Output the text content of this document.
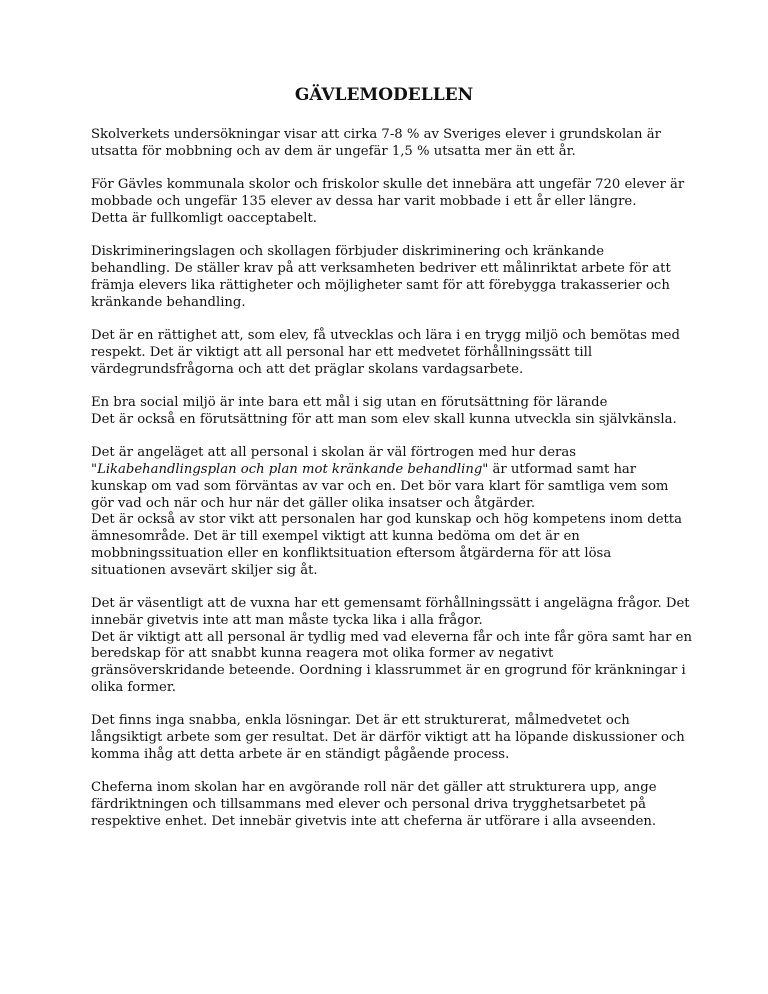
GÄVLEMODELLEN

Skolverkets undersökningar visar att cirka 7-8 % av Sveriges elever i grundskolan är
utsatta för mobbning och av dem är ungefär 1,5 % utsatta mer än ett år.

För Gävles kommunala skolor och friskolor skulle det innebära att ungefär 720 elever är
mobbade och ungefär 135 elever av dessa har varit mobbade i ett år eller längre.
Detta är fullkomligt oacceptabelt.

Diskrimineringslagen och skollagen förbjuder diskriminering och kränkande
behandling. De ställer krav på att verksamheten bedriver ett målinriktat arbete för att
främja elevers lika rättigheter och möjligheter samt för att förebygga trakasserier och
kränkande behandling.

Det är en rättighet att, som elev, få utvecklas och lära i en trygg miljö och bemötas med
respekt. Det är viktigt att all personal har ett medvetet förhållningssätt till
värdegrundsfrågorna och att det präglar skolans vardagsarbete.

En bra social miljö är inte bara ett mål i sig utan en förutsättning för lärande
Det är också en förutsättning för att man som elev skall kunna utveckla sin självkänsla.

Det är angeläget att all personal i skolan är väl förtrogen med hur deras
"Likabehandlingsplan och plan mot kränkande behandling" är utformad samt har
kunskap om vad som förväntas av var och en. Det bör vara klart för samtliga vem som
gör vad och när och hur när det gäller olika insatser och åtgärder.
Det är också av stor vikt att personalen har god kunskap och hög kompetens inom detta
ämnesområde. Det är till exempel viktigt att kunna bedöma om det är en
mobbningssituation eller en konfliktsituation eftersom åtgärderna för att lösa
situationen avsevärt skiljer sig åt.

Det är väsentligt att de vuxna har ett gemensamt förhållningssätt i angelägna frågor. Det
innebär givetvis inte att man måste tycka lika i alla frågor.
Det är viktigt att all personal är tydlig med vad eleverna får och inte får göra samt har en
beredskap för att snabbt kunna reagera mot olika former av negativt
gränsöverskridande beteende. Oordning i klassrummet är en grogrund för kränkningar i
olika former.

Det finns inga snabba, enkla lösningar. Det är ett strukturerat, målmedvetet och
långsiktigt arbete som ger resultat. Det är därför viktigt att ha löpande diskussioner och
komma ihåg att detta arbete är en ständigt pågående process.

Cheferna inom skolan har en avgörande roll när det gäller att strukturera upp, ange
färdriktningen och tillsammans med elever och personal driva trygghetsarbetet på
respektive enhet. Det innebär givetvis inte att cheferna är utförare i alla avseenden.
